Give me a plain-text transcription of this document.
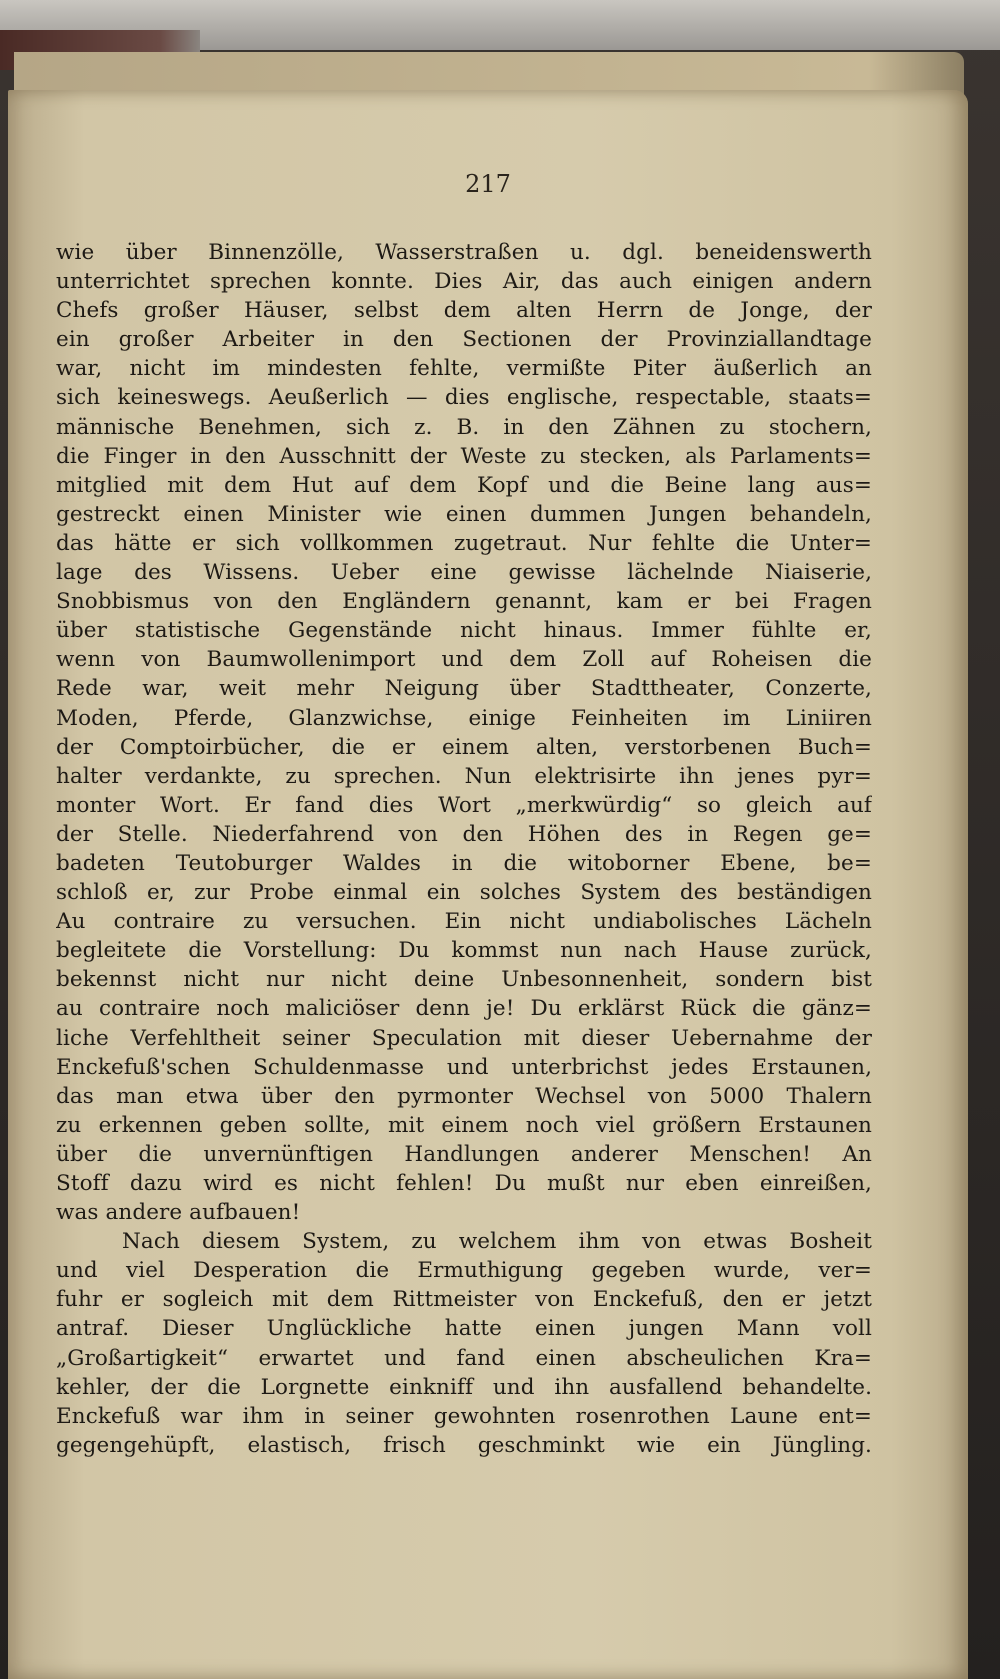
217
wie über Binnenzölle, Wasserstraßen u. dgl. beneidenswerth
unterrichtet sprechen konnte. Dies Air, das auch einigen andern
Chefs großer Häuser, selbst dem alten Herrn de Jonge, der
ein großer Arbeiter in den Sectionen der Provinziallandtage
war, nicht im mindesten fehlte, vermißte Piter äußerlich an
sich keineswegs. Aeußerlich — dies englische, respectable, staats=
männische Benehmen, sich z. B. in den Zähnen zu stochern,
die Finger in den Ausschnitt der Weste zu stecken, als Parlaments=
mitglied mit dem Hut auf dem Kopf und die Beine lang aus=
gestreckt einen Minister wie einen dummen Jungen behandeln,
das hätte er sich vollkommen zugetraut. Nur fehlte die Unter=
lage des Wissens. Ueber eine gewisse lächelnde Niaiserie,
Snobbismus von den Engländern genannt, kam er bei Fragen
über statistische Gegenstände nicht hinaus. Immer fühlte er,
wenn von Baumwollenimport und dem Zoll auf Roheisen die
Rede war, weit mehr Neigung über Stadttheater, Conzerte,
Moden, Pferde, Glanzwichse, einige Feinheiten im Liniiren
der Comptoirbücher, die er einem alten, verstorbenen Buch=
halter verdankte, zu sprechen. Nun elektrisirte ihn jenes pyr=
monter Wort. Er fand dies Wort „merkwürdig“ so gleich auf
der Stelle. Niederfahrend von den Höhen des in Regen ge=
badeten Teutoburger Waldes in die witoborner Ebene, be=
schloß er, zur Probe einmal ein solches System des beständigen
Au contraire zu versuchen. Ein nicht undiabolisches Lächeln
begleitete die Vorstellung: Du kommst nun nach Hause zurück,
bekennst nicht nur nicht deine Unbesonnenheit, sondern bist
au contraire noch maliciöser denn je! Du erklärst Rück die gänz=
liche Verfehltheit seiner Speculation mit dieser Uebernahme der
Enckefuß'schen Schuldenmasse und unterbrichst jedes Erstaunen,
das man etwa über den pyrmonter Wechsel von 5000 Thalern
zu erkennen geben sollte, mit einem noch viel größern Erstaunen
über die unvernünftigen Handlungen anderer Menschen! An
Stoff dazu wird es nicht fehlen! Du mußt nur eben einreißen,
was andere aufbauen!
Nach diesem System, zu welchem ihm von etwas Bosheit
und viel Desperation die Ermuthigung gegeben wurde, ver=
fuhr er sogleich mit dem Rittmeister von Enckefuß, den er jetzt
antraf. Dieser Unglückliche hatte einen jungen Mann voll
„Großartigkeit“ erwartet und fand einen abscheulichen Kra=
kehler, der die Lorgnette einkniff und ihn ausfallend behandelte.
Enckefuß war ihm in seiner gewohnten rosenrothen Laune ent=
gegengehüpft, elastisch, frisch geschminkt wie ein Jüngling.
